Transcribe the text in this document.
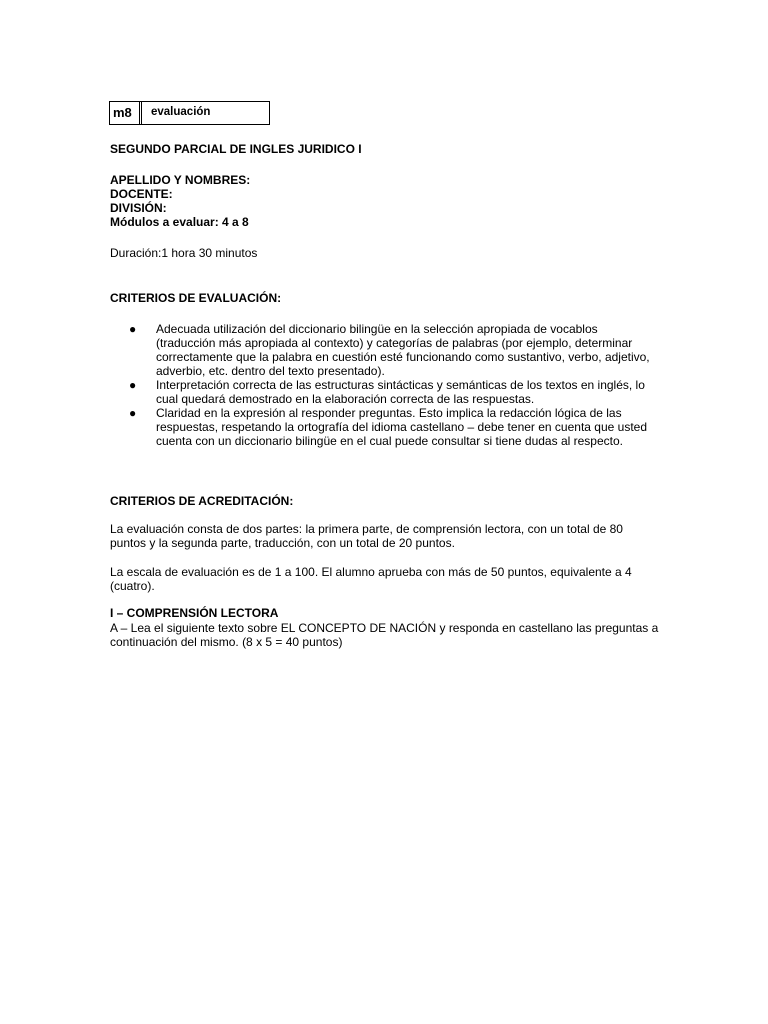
m8	evaluación
SEGUNDO PARCIAL DE INGLES JURIDICO I
APELLIDO Y NOMBRES:
DOCENTE:
DIVISIÓN:
Módulos a evaluar: 4 a 8
Duración:1 hora 30 minutos
CRITERIOS DE EVALUACIÓN:
● Adecuada utilización del diccionario bilingüe en la selección apropiada de vocablos (traducción más apropiada al contexto) y categorías de palabras (por ejemplo, determinar correctamente que la palabra en cuestión esté funcionando como sustantivo, verbo, adjetivo, adverbio, etc. dentro del texto presentado).
● Interpretación correcta de las estructuras sintácticas y semánticas de los textos en inglés, lo cual quedará demostrado en la elaboración correcta de las respuestas.
● Claridad en la expresión al responder preguntas. Esto implica la redacción lógica de las respuestas, respetando la ortografía del idioma castellano – debe tener en cuenta que usted cuenta con un diccionario bilingüe en el cual puede consultar si tiene dudas al respecto.
CRITERIOS DE ACREDITACIÓN:
La evaluación consta de dos partes: la primera parte, de comprensión lectora, con un total de 80 puntos y la segunda parte, traducción, con un total de 20 puntos.
La escala de evaluación es de 1 a 100. El alumno aprueba con más de 50 puntos, equivalente a 4 (cuatro).
I – COMPRENSIÓN LECTORA
A – Lea el siguiente texto sobre EL CONCEPTO DE NACIÓN y responda en castellano las preguntas a continuación del mismo. (8 x 5 = 40 puntos)
